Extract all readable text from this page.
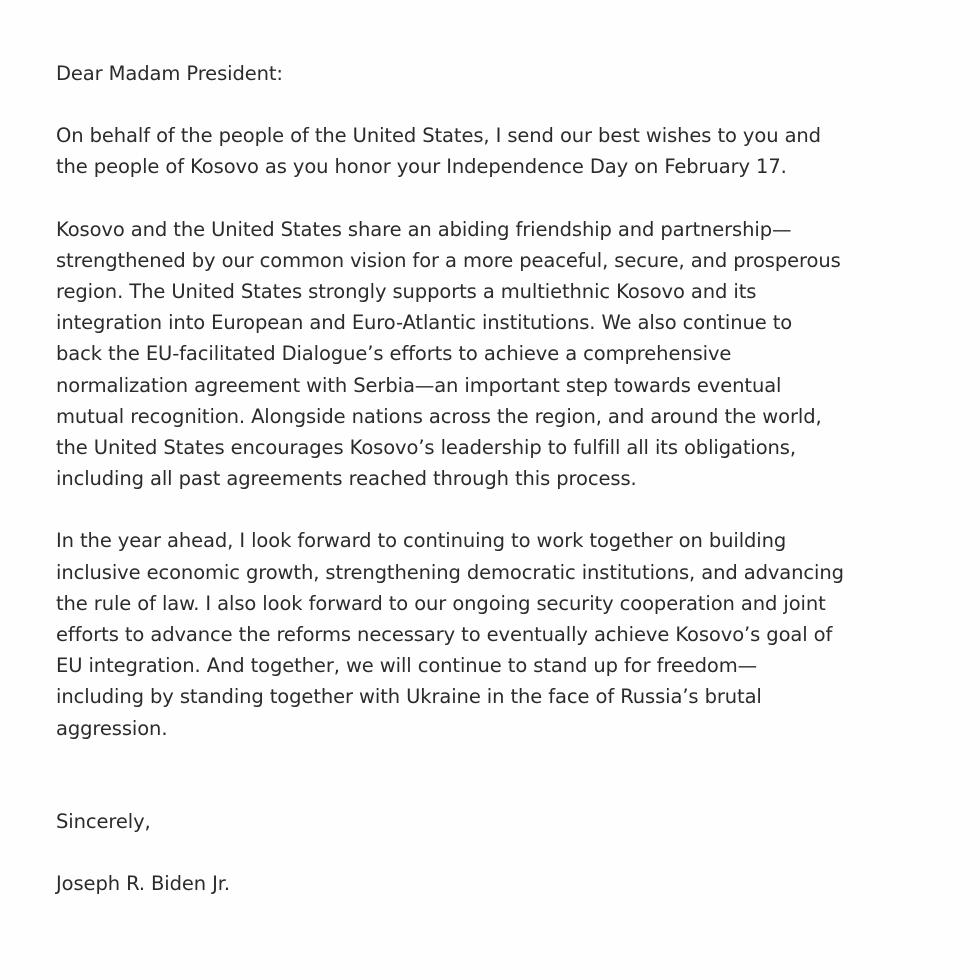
Dear Madam President:

On behalf of the people of the United States, I send our best wishes to you and
the people of Kosovo as you honor your Independence Day on February 17.

Kosovo and the United States share an abiding friendship and partnership—
strengthened by our common vision for a more peaceful, secure, and prosperous
region. The United States strongly supports a multiethnic Kosovo and its
integration into European and Euro-Atlantic institutions. We also continue to
back the EU-facilitated Dialogue’s efforts to achieve a comprehensive
normalization agreement with Serbia—an important step towards eventual
mutual recognition. Alongside nations across the region, and around the world,
the United States encourages Kosovo’s leadership to fulfill all its obligations,
including all past agreements reached through this process.

In the year ahead, I look forward to continuing to work together on building
inclusive economic growth, strengthening democratic institutions, and advancing
the rule of law. I also look forward to our ongoing security cooperation and joint
efforts to advance the reforms necessary to eventually achieve Kosovo’s goal of
EU integration. And together, we will continue to stand up for freedom—
including by standing together with Ukraine in the face of Russia’s brutal
aggression.

Sincerely,

Joseph R. Biden Jr.
